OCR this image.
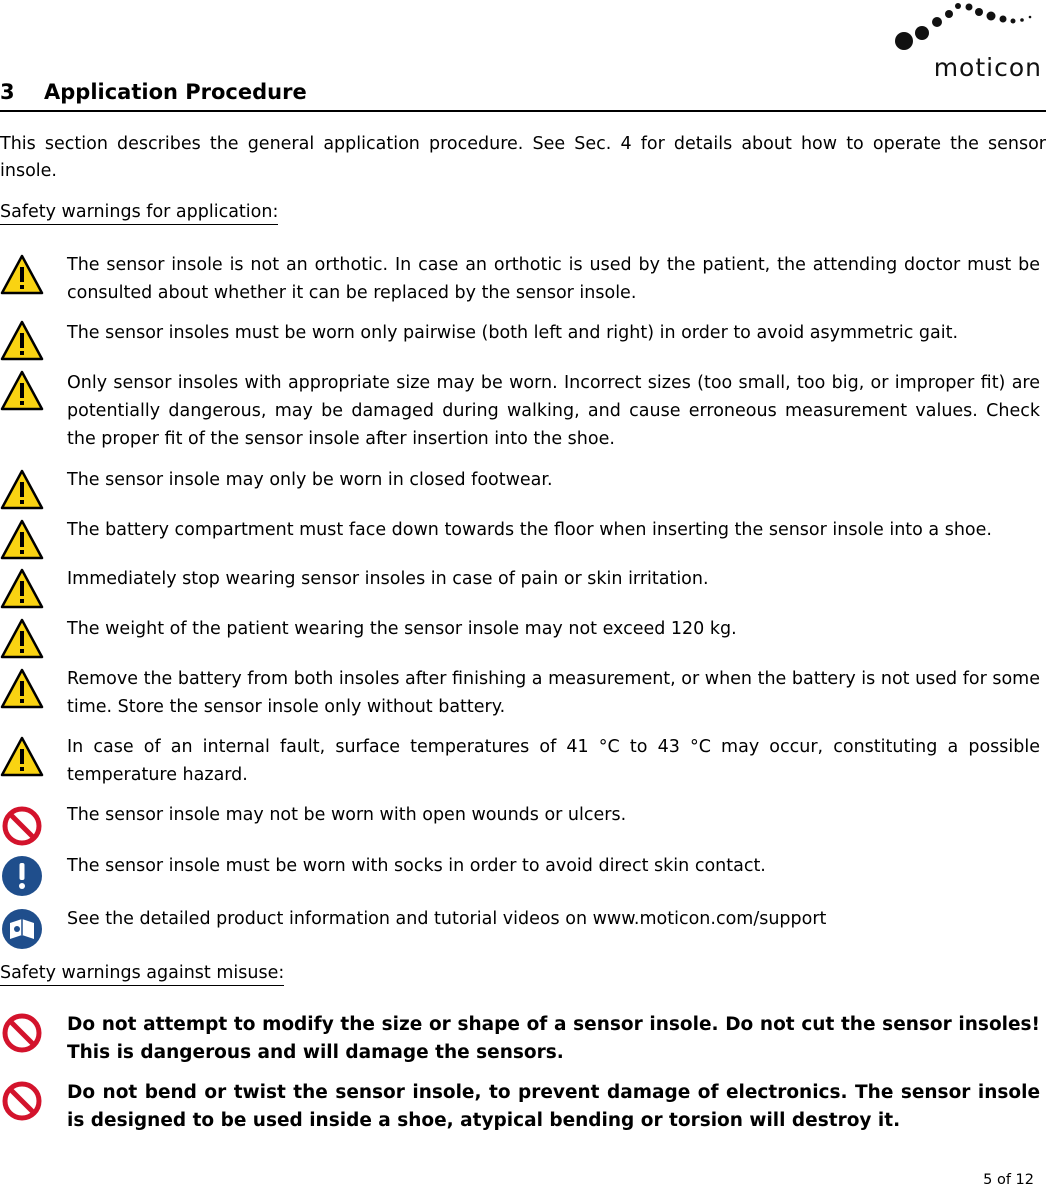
moticon
3 Application Procedure
This section describes the general application procedure. See Sec. 4 for details about how to operate the sensor insole.
Safety warnings for application:
The sensor insole is not an orthotic. In case an orthotic is used by the patient, the attending doctor must be consulted about whether it can be replaced by the sensor insole.
The sensor insoles must be worn only pairwise (both left and right) in order to avoid asymmetric gait.
Only sensor insoles with appropriate size may be worn. Incorrect sizes (too small, too big, or improper fit) are potentially dangerous, may be damaged during walking, and cause erroneous measurement values. Check the proper fit of the sensor insole after insertion into the shoe.
The sensor insole may only be worn in closed footwear.
The battery compartment must face down towards the floor when inserting the sensor insole into a shoe.
Immediately stop wearing sensor insoles in case of pain or skin irritation.
The weight of the patient wearing the sensor insole may not exceed 120 kg.
Remove the battery from both insoles after finishing a measurement, or when the battery is not used for some time. Store the sensor insole only without battery.
In case of an internal fault, surface temperatures of 41 °C to 43 °C may occur, constituting a possible temperature hazard.
The sensor insole may not be worn with open wounds or ulcers.
The sensor insole must be worn with socks in order to avoid direct skin contact.
See the detailed product information and tutorial videos on www.moticon.com/support
Safety warnings against misuse:
Do not attempt to modify the size or shape of a sensor insole. Do not cut the sensor insoles! This is dangerous and will damage the sensors.
Do not bend or twist the sensor insole, to prevent damage of electronics. The sensor insole is designed to be used inside a shoe, atypical bending or torsion will destroy it.
5 of 12
